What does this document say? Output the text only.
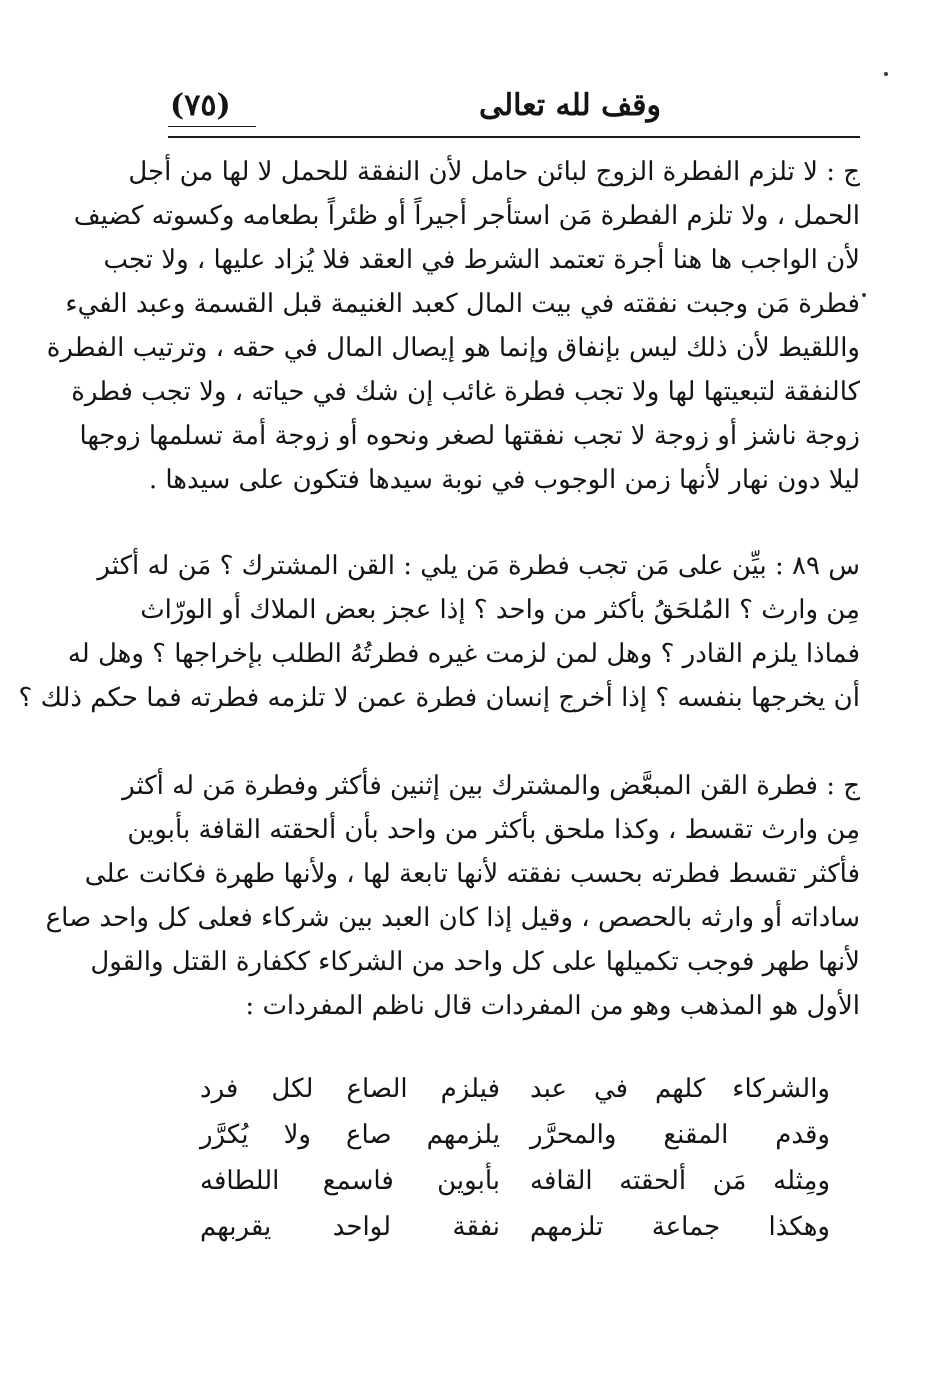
(٧٥)	وقف لله تعالى
ج : لا تلزم الفطرة الزوج لبائن حامل لأن النفقة للحمل لا لها من أجل
الحمل ، ولا تلزم الفطرة مَن استأجر أجيراً أو ظئراً بطعامه وكسوته كضيف
لأن الواجب ها هنا أجرة تعتمد الشرط في العقد فلا يُزاد عليها ، ولا تجب
فطرة مَن وجبت نفقته في بيت المال كعبد الغنيمة قبل القسمة وعبد الفيء
واللقيط لأن ذلك ليس بإنفاق وإنما هو إيصال المال في حقه ، وترتيب الفطرة
كالنفقة لتبعيتها لها ولا تجب فطرة غائب إن شك في حياته ، ولا تجب فطرة
زوجة ناشز أو زوجة لا تجب نفقتها لصغر ونحوه أو زوجة أمة تسلمها زوجها
ليلا دون نهار لأنها زمن الوجوب في نوبة سيدها فتكون على سيدها .
س ٨٩ : بيِّن على مَن تجب فطرة مَن يلي : القن المشترك ؟ مَن له أكثر
مِن وارث ؟ المُلحَقُ بأكثر من واحد ؟ إذا عجز بعض الملاك أو الورّاث
فماذا يلزم القادر ؟ وهل لمن لزمت غيره فطرتُهُ الطلب بإخراجها ؟ وهل له
أن يخرجها بنفسه ؟ إذا أخرج إنسان فطرة عمن لا تلزمه فطرته فما حكم ذلك ؟
ج : فطرة القن المبعَّض والمشترك بين إثنين فأكثر وفطرة مَن له أكثر
مِن وارث تقسط ، وكذا ملحق بأكثر من واحد بأن ألحقته القافة بأبوين
فأكثر تقسط فطرته بحسب نفقته لأنها تابعة لها ، ولأنها طهرة فكانت على
ساداته أو وارثه بالحصص ، وقيل إذا كان العبد بين شركاء فعلى كل واحد صاع
لأنها طهر فوجب تكميلها على كل واحد من الشركاء ككفارة القتل والقول
الأول هو المذهب وهو من المفردات قال ناظم المفردات :
والشركاء كلهم في عبد
فيلزم الصاع لكل فرد
وقدم المقنع والمحرَّر
يلزمهم صاع ولا يُكرَّر
ومِثله مَن ألحقته القافه
بأبوين فاسمع اللطافه
وهكذا جماعة تلزمهم
نفقة لواحد يقربهم
